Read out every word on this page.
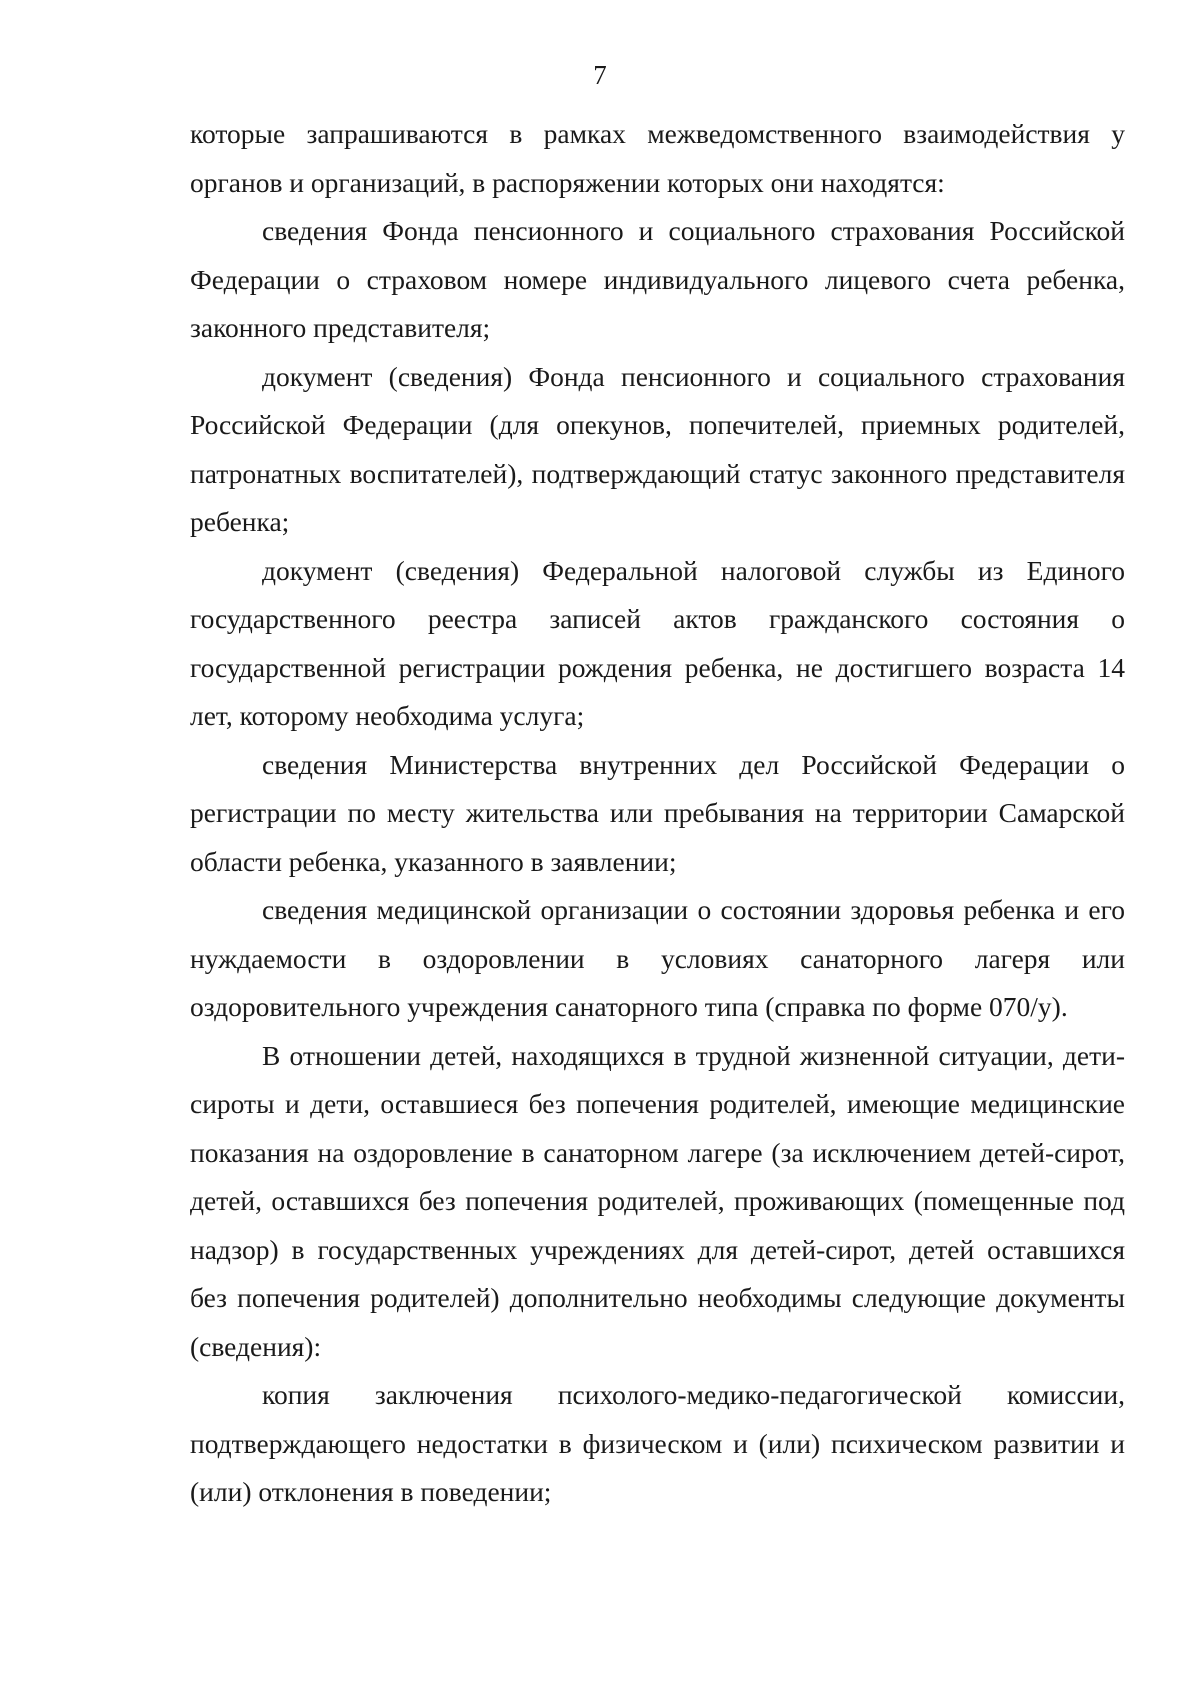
7

которые запрашиваются в рамках межведомственного взаимодействия у органов и организаций, в распоряжении которых они находятся:

сведения Фонда пенсионного и социального страхования Российской Федерации о страховом номере индивидуального лицевого счета ребенка, законного представителя;

документ (сведения) Фонда пенсионного и социального страхования Российской Федерации (для опекунов, попечителей, приемных родителей, патронатных воспитателей), подтверждающий статус законного представителя ребенка;

документ (сведения) Федеральной налоговой службы из Единого государственного реестра записей актов гражданского состояния о государственной регистрации рождения ребенка, не достигшего возраста 14 лет, которому необходима услуга;

сведения Министерства внутренних дел Российской Федерации о регистрации по месту жительства или пребывания на территории Самарской области ребенка, указанного в заявлении;

сведения медицинской организации о состоянии здоровья ребенка и его нуждаемости в оздоровлении в условиях санаторного лагеря или оздоровительного учреждения санаторного типа (справка по форме 070/у).

В отношении детей, находящихся в трудной жизненной ситуации, дети-сироты и дети, оставшиеся без попечения родителей, имеющие медицинские показания на оздоровление в санаторном лагере (за исключением детей-сирот, детей, оставшихся без попечения родителей, проживающих (помещенные под надзор) в государственных учреждениях для детей-сирот, детей оставшихся без попечения родителей) дополнительно необходимы следующие документы (сведения):

копия заключения психолого-медико-педагогической комиссии, подтверждающего недостатки в физическом и (или) психическом развитии и (или) отклонения в поведении;
